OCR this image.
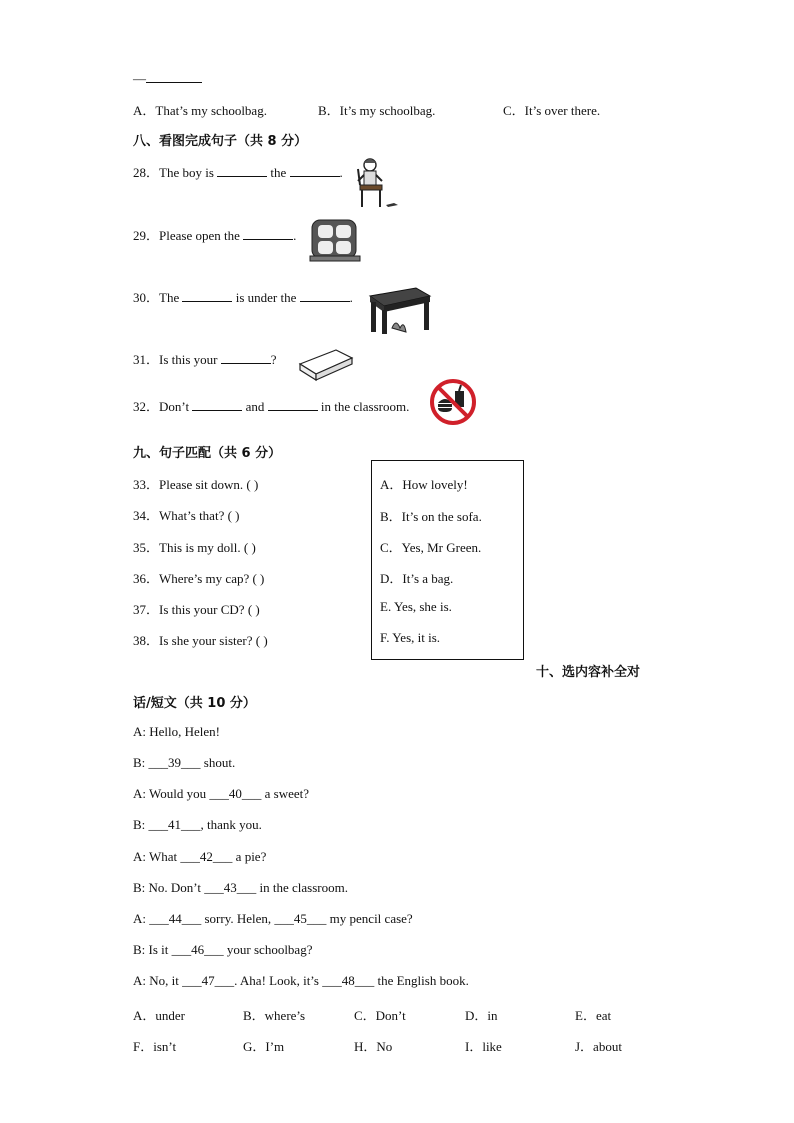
—
A．That’s my schoolbag.	B．It’s my schoolbag.	C．It’s over there.
八、看图完成句子（共 8 分）
28．The boy is	the	.
29．Please open the	.
30．The	is under the	.
31．Is this your	?
32．Don’t	and	in the classroom.
九、句子匹配（共 6 分）
33．Please sit down. ( )
34．What’s that? ( )
35．This is my doll. ( )
36．Where’s my cap? ( )
37．Is this your CD? ( )
38．Is she your sister? ( )
A．How lovely!
B．It’s on the sofa.
C．Yes, Mr Green.
D．It’s a bag.
E. Yes, she is.
F. Yes, it is.
十、选内容补全对
话/短文（共 10 分）
A: Hello, Helen!
B: ___39___ shout.
A: Would you ___40___ a sweet?
B: ___41___, thank you.
A: What ___42___ a pie?
B: No. Don’t ___43___ in the classroom.
A: ___44___ sorry. Helen, ___45___ my pencil case?
B: Is it ___46___ your schoolbag?
A: No, it ___47___. Aha! Look, it’s ___48___ the English book.
A．under	B．where’s	C．Don’t	D．in	E．eat
F．isn’t	G．I’m	H．No	I．like	J．about
